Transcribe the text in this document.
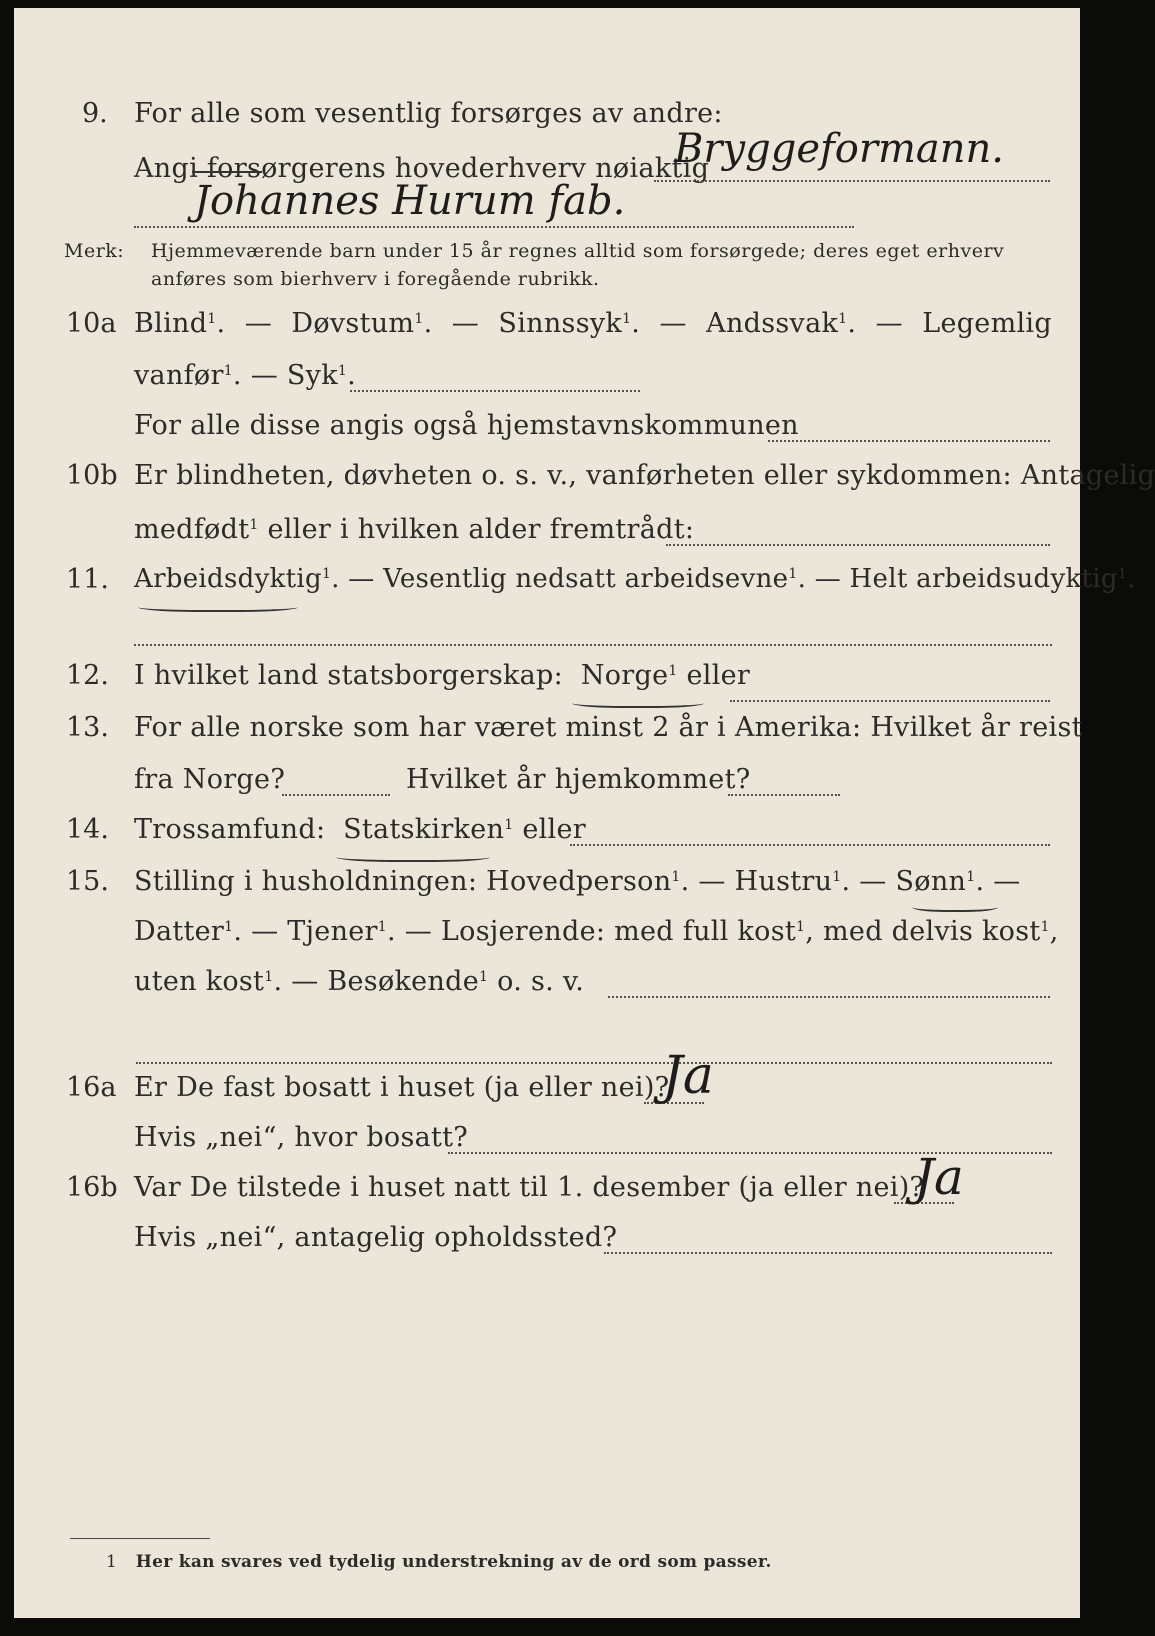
9. For alle som vesentlig forsørges av andre:
Angi forsørgerens hovederhverv nøiaktig
Bryggeformann.
Johannes Hurum fab.
Merk: Hjemmeværende barn under 15 år regnes alltid som forsørgede; deres eget erhverv
anføres som bierhverv i foregående rubrikk.
10a Blind$^1$. — Døvstum$^1$. — Sinnssyk$^1$. — Andssvak$^1$. — Legemlig
vanfør$^1$. — Syk$^1$.
For alle disse angis også hjemstavnskommunen
10b Er blindheten, døvheten o. s. v., vanførheten eller sykdommen: Antagelig
medfødt$^1$ eller i hvilken alder fremtrådt:
11. Arbeidsdyktig$^1$. — Vesentlig nedsatt arbeidsevne$^1$. — Helt arbeidsudyktig$^1$.
12. I hvilket land statsborgerskap: Norge$^1$ eller
13. For alle norske som har været minst 2 år i Amerika: Hvilket år reist
fra Norge?	Hvilket år hjemkommet?
14. Trossamfund: Statskirken$^1$ eller
15. Stilling i husholdningen: Hovedperson$^1$. — Hustru$^1$. — Sønn$^1$. —
Datter$^1$. — Tjener$^1$. — Losjerende: med full kost$^1$, med delvis kost$^1$,
uten kost$^1$. — Besøkende$^1$ o. s. v.
16a Er De fast bosatt i huset (ja eller nei)?
Ja
Hvis „nei“, hvor bosatt?
16b Var De tilstede i huset natt til 1. desember (ja eller nei)?
Ja
Hvis „nei“, antagelig opholdssted?
1 Her kan svares ved tydelig understrekning av de ord som passer.
